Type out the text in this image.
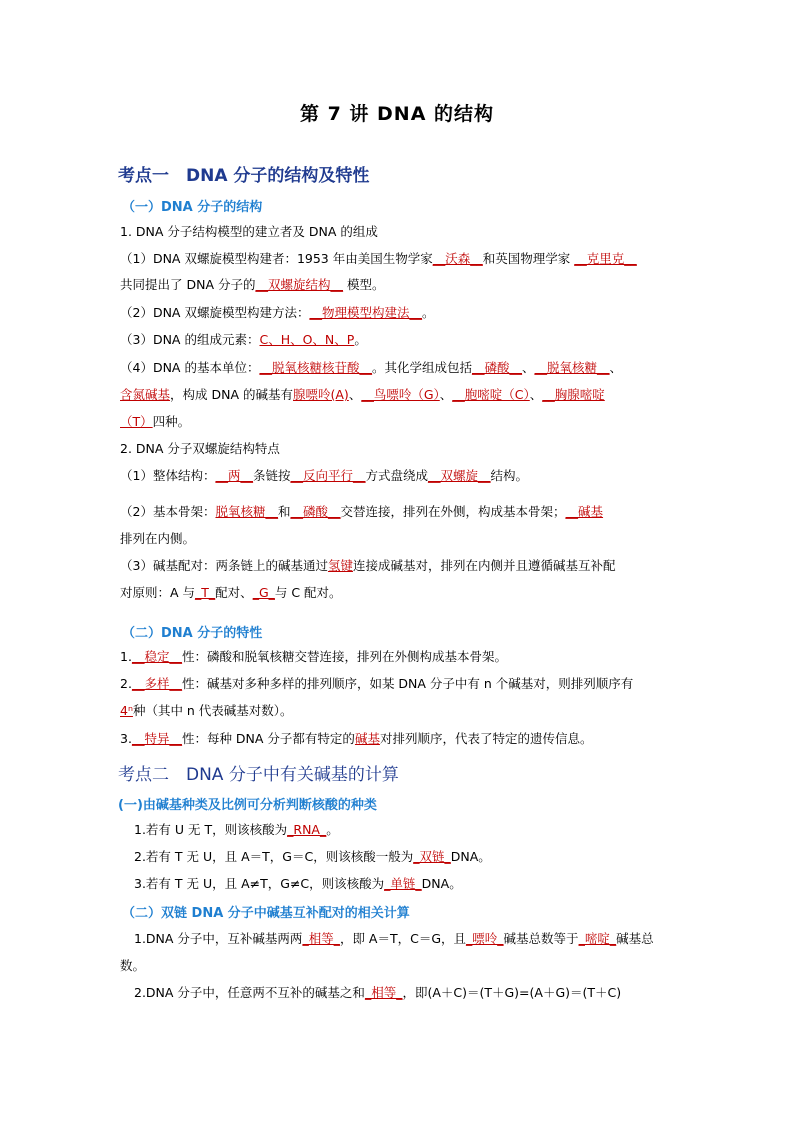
第 7 讲 DNA 的结构
考点一　DNA 分子的结构及特性
（一）DNA 分子的结构
1. DNA 分子结构模型的建立者及 DNA 的组成
（1）DNA 双螺旋模型构建者：1953 年由美国生物学家__沃森__和英国物理学家 __克里克__
共同提出了 DNA 分子的__双螺旋结构__ 模型。
（2）DNA 双螺旋模型构建方法：__物理模型构建法__。
（3）DNA 的组成元素：C、H、O、N、P。
（4）DNA 的基本单位：__脱氧核糖核苷酸__。其化学组成包括__磷酸__、__脱氧核糖__、
含氮碱基，构成 DNA 的碱基有腺嘌呤(A)、__鸟嘌呤（G）、__胞嘧啶（C）、__胸腺嘧啶
（T）四种。
2. DNA 分子双螺旋结构特点
（1）整体结构：__两__条链按__反向平行__方式盘绕成__双螺旋__结构。
（2）基本骨架：脱氧核糖__和__磷酸__交替连接，排列在外侧，构成基本骨架；__碱基
排列在内侧。
（3）碱基配对：两条链上的碱基通过氢键连接成碱基对，排列在内侧并且遵循碱基互补配
对原则：A 与_T_配对、_G_与 C 配对。
（二）DNA 分子的特性
1.__稳定__性：磷酸和脱氧核糖交替连接，排列在外侧构成基本骨架。
2.__多样__性：碱基对多种多样的排列顺序，如某 DNA 分子中有 n 个碱基对，则排列顺序有
4ⁿ种（其中 n 代表碱基对数）。
3.__特异__性：每种 DNA 分子都有特定的碱基对排列顺序，代表了特定的遗传信息。
考点二　DNA 分子中有关碱基的计算
(一)由碱基种类及比例可分析判断核酸的种类
1.若有 U 无 T，则该核酸为_RNA_。
2.若有 T 无 U，且 A＝T，G＝C，则该核酸一般为_双链_DNA。
3.若有 T 无 U，且 A≠T，G≠C，则该核酸为_单链_DNA。
（二）双链 DNA 分子中碱基互补配对的相关计算
1.DNA 分子中，互补碱基两两_相等_，即 A＝T，C＝G，且_嘌呤_碱基总数等于_嘧啶_碱基总
数。
2.DNA 分子中，任意两不互补的碱基之和_相等_，即(A＋C)＝(T＋G)=(A＋G)＝(T＋C)
